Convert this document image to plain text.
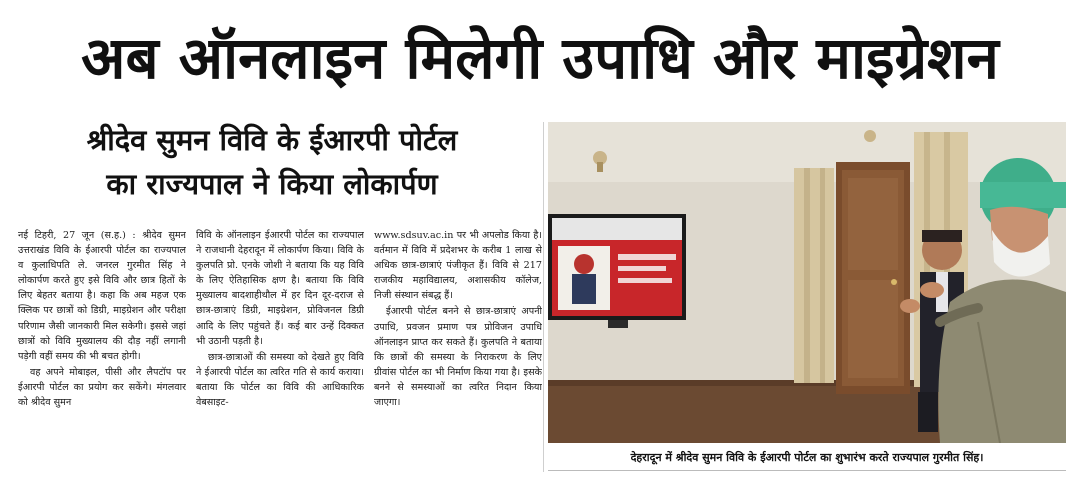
अब ऑनलाइन मिलेगी उपाधि और माइग्रेशन
श्रीदेव सुमन विवि के ईआरपी पोर्टल
का राज्यपाल ने किया लोकार्पण

नई टिहरी, 27 जून (स.ह.) : श्रीदेव सुमन उत्तराखंड विवि के ईआरपी पोर्टल का राज्यपाल व कुलाधिपति ले. जनरल गुरमीत सिंह ने लोकार्पण करते हुए इसे विवि और छात्र हितों के लिए बेहतर बताया है। कहा कि अब महज एक क्लिक पर छात्रों को डिग्री, माइग्रेशन और परीक्षा परिणाम जैसी जानकारी मिल सकेगी। इससे जहां छात्रों को विवि मुख्यालय की दौड़ नहीं लगानी पड़ेगी वहीं समय की भी बचत होगी।

वह अपने मोबाइल, पीसी और लैपटॉप पर ईआरपी पोर्टल का प्रयोग कर सकेंगे। मंगलवार को श्रीदेव सुमन

विवि के ऑनलाइन ईआरपी पोर्टल का राज्यपाल ने राजधानी देहरादून में लोकार्पण किया। विवि के कुलपति प्रो. एनके जोशी ने बताया कि यह विवि के लिए ऐतिहासिक क्षण है। बताया कि विवि मुख्यालय बादशाहीथौल में हर दिन दूर-दराज से छात्र-छात्राएं डिग्री, माइग्रेशन, प्रोविजनल डिग्री आदि के लिए पहुंचते हैं। कई बार उन्हें दिक्कत भी उठानी पड़ती है।

छात्र-छात्राओं की समस्या को देखते हुए विवि ने ईआरपी पोर्टल का त्वरित गति से कार्य कराया। बताया कि पोर्टल का विवि की आधिकारिक वेबसाइट-

www.sdsuv.ac.in पर भी अपलोड किया है। वर्तमान में विवि में प्रदेशभर के करीब 1 लाख से अधिक छात्र-छात्राएं पंजीकृत हैं। विवि से 217 राजकीय महाविद्यालय, अशासकीय कॉलेज, निजी संस्थान संबद्ध हैं।

ईआरपी पोर्टल बनने से छात्र-छात्राएं अपनी उपाधि, प्रवजन प्रमाण पत्र प्रोविजन उपाधि ऑनलाइन प्राप्त कर सकते हैं। कुलपति ने बताया कि छात्रों की समस्या के निराकरण के लिए ग्रीवांस पोर्टल का भी निर्माण किया गया है। इसके बनने से समस्याओं का त्वरित निदान किया जाएगा।

देहरादून में श्रीदेव सुमन विवि के ईआरपी पोर्टल का शुभारंभ करते राज्यपाल गुरमीत सिंह।
